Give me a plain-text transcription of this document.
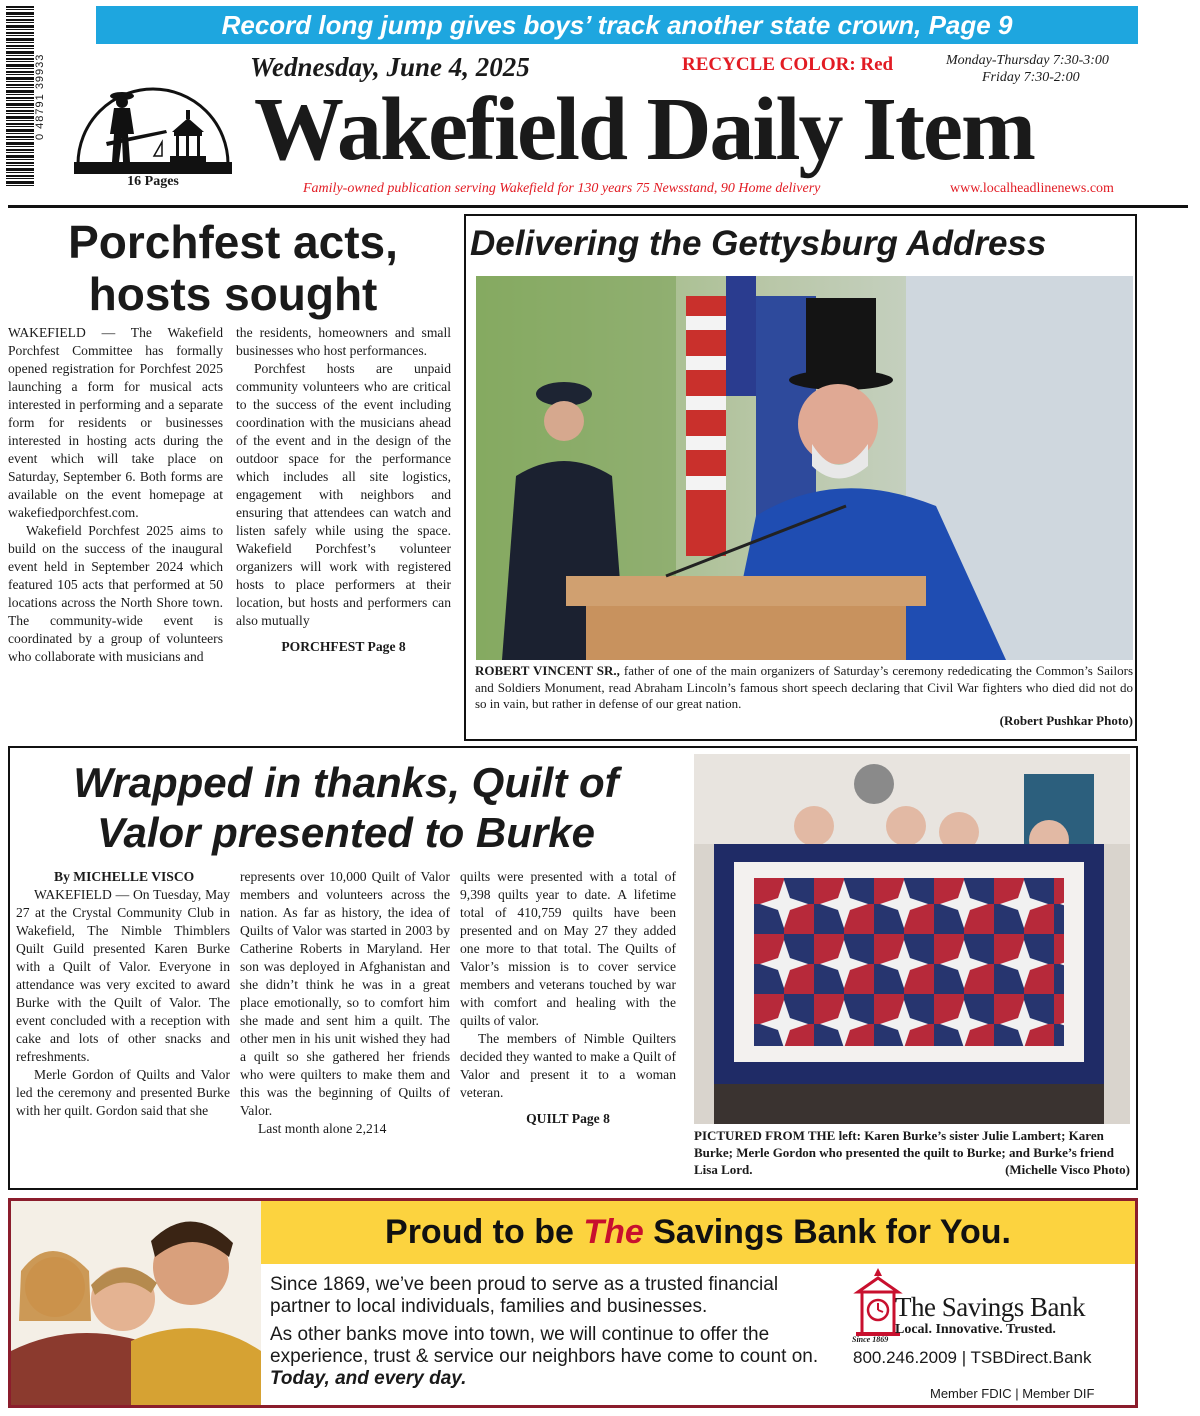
Record long jump gives boys’ track another state crown, Page 9
0 48791 39933
16 Pages
Wednesday, June 4, 2025	RECYCLE COLOR: Red	Monday-Thursday 7:30-3:00
Friday 7:30-2:00
Wakefield Daily Item
Family-owned publication serving Wakefield for 130 years 75 Newsstand, 90 Home delivery	www.localheadlinenews.com
Porchfest acts, hosts sought

WAKEFIELD — The Wakefield Porchfest Committee has formally opened registration for Porchfest 2025 launching a form for musical acts interested in performing and a separate form for residents or businesses interested in hosting acts during the event which will take place on Saturday, September 6. Both forms are available on the event homepage at wakefiedporchfest.com.

Wakefield Porchfest 2025 aims to build on the success of the inaugural event held in September 2024 which featured 105 acts that performed at 50 locations across the North Shore town. The community-wide event is coordinated by a group of volunteers who collaborate with musicians and

the residents, homeowners and small businesses who host performances.

Porchfest hosts are unpaid community volunteers who are critical to the success of the event including coordination with the musicians ahead of the event and in the design of the outdoor space for the performance which includes all site logistics, engagement with neighbors and ensuring that attendees can watch and listen safely while using the space. Wakefield Porchfest’s volunteer organizers will work with registered hosts to place performers at their location, but hosts and performers can also mutually

PORCHFEST Page 8

Delivering the Gettysburg Address
ROBERT VINCENT SR., father of one of the main organizers of Saturday’s ceremony rededicating the Common’s Sailors and Soldiers Monument, read Abraham Lincoln’s famous short speech declaring that Civil War fighters who died did not do so in vain, but rather in defense of our great nation.
(Robert Pushkar Photo)
Wrapped in thanks, Quilt of Valor presented to Burke

By MICHELLE VISCO

WAKEFIELD — On Tuesday, May 27 at the Crystal Community Club in Wakefield, The Nimble Thimblers Quilt Guild presented Karen Burke with a Quilt of Valor. Everyone in attendance was very excited to award Burke with the Quilt of Valor. The event concluded with a reception with cake and lots of other snacks and refreshments.

Merle Gordon of Quilts and Valor led the ceremony and presented Burke with her quilt. Gordon said that she

represents over 10,000 Quilt of Valor members and volunteers across the nation. As far as history, the idea of Quilts of Valor was started in 2003 by Catherine Roberts in Maryland. Her son was deployed in Afghanistan and she didn’t think he was in a great place emotionally, so to comfort him she made and sent him a quilt. The other men in his unit wished they had a quilt so she gathered her friends who were quilters to make them and this was the beginning of Quilts of Valor.

Last month alone 2,214

quilts were presented with a total of 9,398 quilts year to date. A lifetime total of 410,759 quilts have been presented and on May 27 they added one more to that total. The Quilts of Valor’s mission is to cover service members and veterans touched by war with comfort and healing with the quilts of valor.

The members of Nimble Quilters decided they wanted to make a Quilt of Valor and present it to a woman veteran.

QUILT Page 8

PICTURED FROM THE left: Karen Burke’s sister Julie Lambert; Karen Burke; Merle Gordon who presented the quilt to Burke; and Burke’s friend Lisa Lord.	(Michelle Visco Photo)
Proud to be The Savings Bank for You.

Since 1869, we’ve been proud to serve as a trusted financial partner to local individuals, families and businesses.

As other banks move into town, we will continue to offer the experience, trust & service our neighbors have come to count on. Today, and every day.

The Savings Bank
Local. Innovative. Trusted.
Since 1869
800.246.2009 | TSBDirect.Bank
Member FDIC | Member DIF
